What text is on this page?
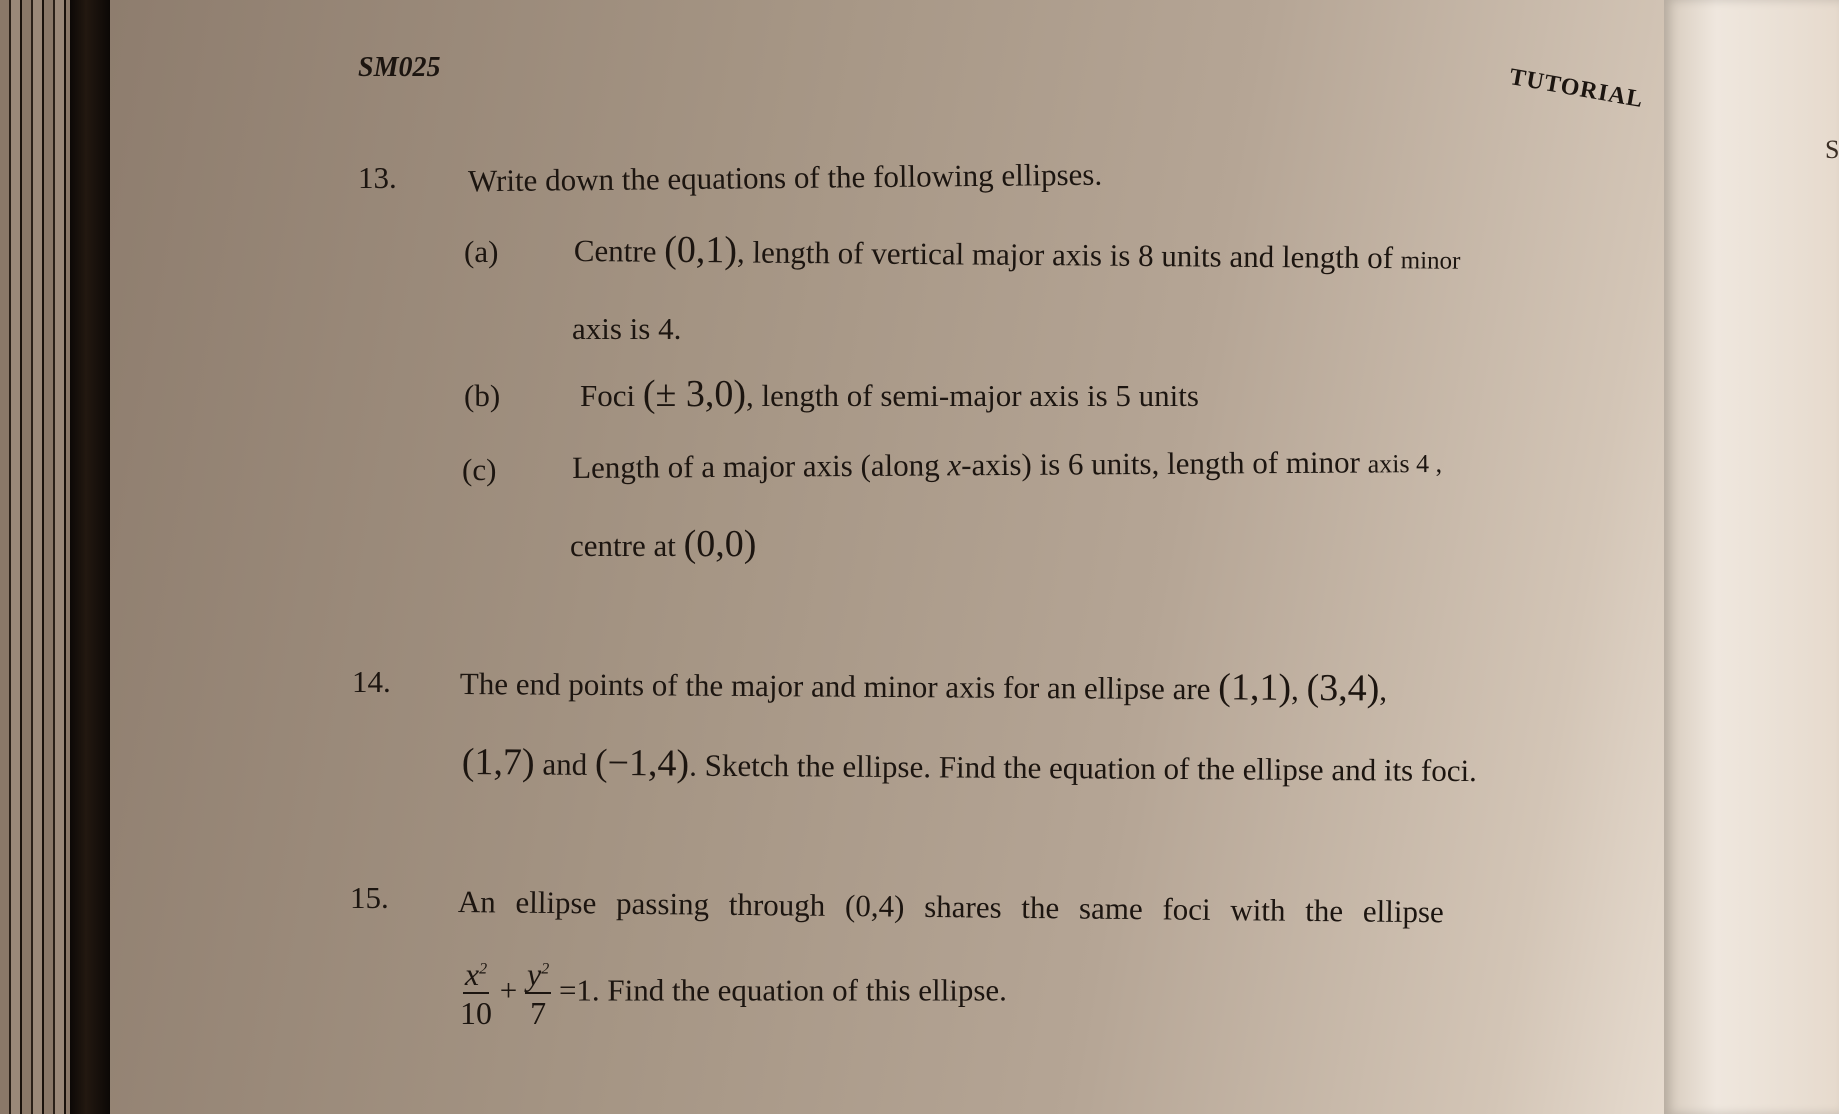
SM025	TUTORIAL
S
13. Write down the equations of the following ellipses.
(a) Centre (0,1), length of vertical major axis is 8 units and length of minor
axis is 4.
(b)	Foci (± 3,0), length of semi-major axis is 5 units
(c) Length of a major axis (along x-axis) is 6 units, length of minor axis 4 ,
centre at (0,0)
14. The end points of the major and minor axis for an ellipse are (1,1), (3,4),
(1,7) and (−1,4). Sketch the ellipse. Find the equation of the ellipse and its foci.
15. An ellipse passing through (0,4) shares the same foci with the ellipse
$\frac{x^2}{10} + \frac{y^2}{7} =1$. Find the equation of this ellipse.
